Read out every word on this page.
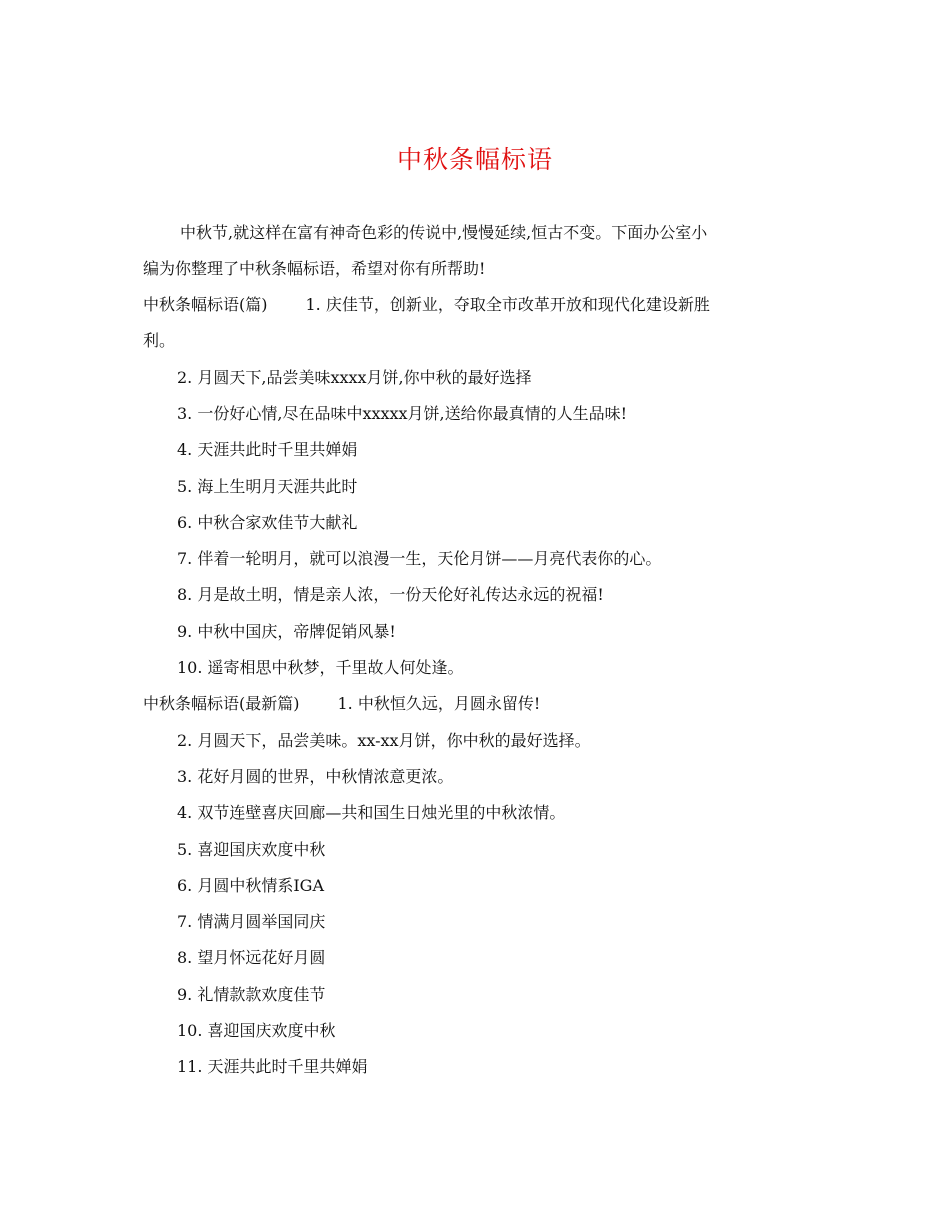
中秋条幅标语
中秋节,就这样在富有神奇色彩的传说中,慢慢延续,恒古不变。下面办公室小
编为你整理了中秋条幅标语，希望对你有所帮助!
中秋条幅标语(篇) 1. 庆佳节，创新业，夺取全市改革开放和现代化建设新胜
利。
2. 月圆天下,品尝美味xxxx月饼,你中秋的最好选择
3. 一份好心情,尽在品味中xxxxx月饼,送给你最真情的人生品味!
4. 天涯共此时千里共婵娟
5. 海上生明月天涯共此时
6. 中秋合家欢佳节大献礼
7. 伴着一轮明月，就可以浪漫一生，天伦月饼——月亮代表你的心。
8. 月是故土明，情是亲人浓，一份天伦好礼传达永远的祝福!
9. 中秋中国庆，帝牌促销风暴!
10. 遥寄相思中秋梦，千里故人何处逢。
中秋条幅标语(最新篇) 1. 中秋恒久远，月圆永留传!
2. 月圆天下，品尝美味。xx-xx月饼，你中秋的最好选择。
3. 花好月圆的世界，中秋情浓意更浓。
4. 双节连壁喜庆回廊—共和国生日烛光里的中秋浓情。
5. 喜迎国庆欢度中秋
6. 月圆中秋情系IGA
7. 情满月圆举国同庆
8. 望月怀远花好月圆
9. 礼情款款欢度佳节
10. 喜迎国庆欢度中秋
11. 天涯共此时千里共婵娟
